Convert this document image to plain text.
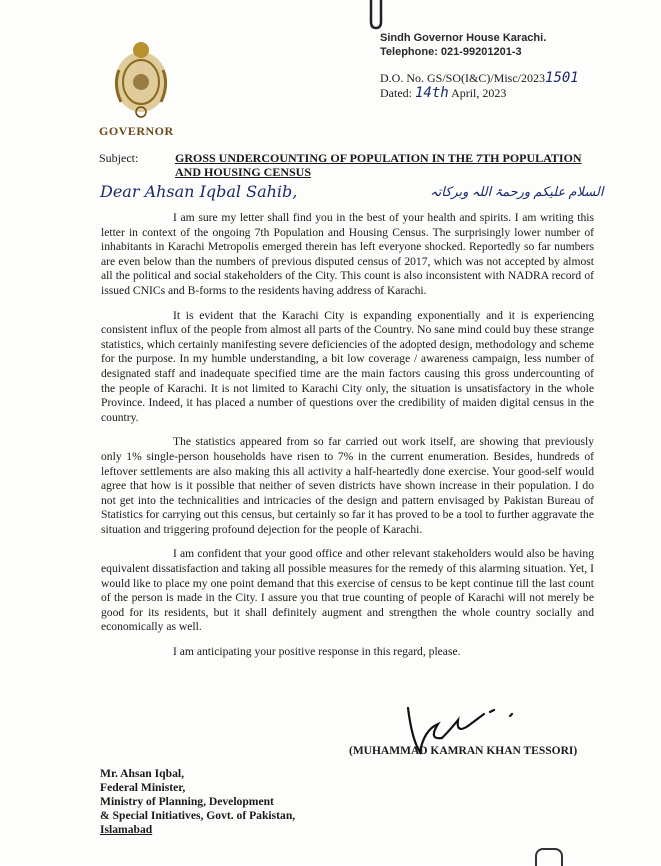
GOVERNOR
Sindh Governor House Karachi.
Telephone: 021-99201201-3
D.O. No. GS/SO(I&C)/Misc/20231501
Dated: 14th April, 2023
Subject:	GROSS UNDERCOUNTING OF POPULATION IN THE 7TH POPULATION AND HOUSING CENSUS
Dear Ahsan Iqbal Sahib,	السلام علیکم ورحمۃ اللہ وبرکاتہ

I am sure my letter shall find you in the best of your health and spirits. I am writing this letter in context of the ongoing 7th Population and Housing Census. The surprisingly lower number of inhabitants in Karachi Metropolis emerged therein has left everyone shocked. Reportedly so far numbers are even below than the numbers of previous disputed census of 2017, which was not accepted by almost all the political and social stakeholders of the City. This count is also inconsistent with NADRA record of issued CNICs and B-forms to the residents having address of Karachi.

It is evident that the Karachi City is expanding exponentially and it is experiencing consistent influx of the people from almost all parts of the Country. No sane mind could buy these strange statistics, which certainly manifesting severe deficiencies of the adopted design, methodology and scheme for the purpose. In my humble understanding, a bit low coverage / awareness campaign, less number of designated staff and inadequate specified time are the main factors causing this gross undercounting of the people of Karachi. It is not limited to Karachi City only, the situation is unsatisfactory in the whole Province. Indeed, it has placed a number of questions over the credibility of maiden digital census in the country.

The statistics appeared from so far carried out work itself, are showing that previously only 1% single-person households have risen to 7% in the current enumeration. Besides, hundreds of leftover settlements are also making this all activity a half-heartedly done exercise. Your good-self would agree that how is it possible that neither of seven districts have shown increase in their population. I do not get into the technicalities and intricacies of the design and pattern envisaged by Pakistan Bureau of Statistics for carrying out this census, but certainly so far it has proved to be a tool to further aggravate the situation and triggering profound dejection for the people of Karachi.

I am confident that your good office and other relevant stakeholders would also be having equivalent dissatisfaction and taking all possible measures for the remedy of this alarming situation. Yet, I would like to place my one point demand that this exercise of census to be kept continue till the last count of the person is made in the City. I assure you that true counting of people of Karachi will not merely be good for its residents, but it shall definitely augment and strengthen the whole country socially and economically as well.

I am anticipating your positive response in this regard, please.

(MUHAMMAD KAMRAN KHAN TESSORI)
Mr. Ahsan Iqbal,
Federal Minister,
Ministry of Planning, Development
& Special Initiatives, Govt. of Pakistan,
Islamabad
